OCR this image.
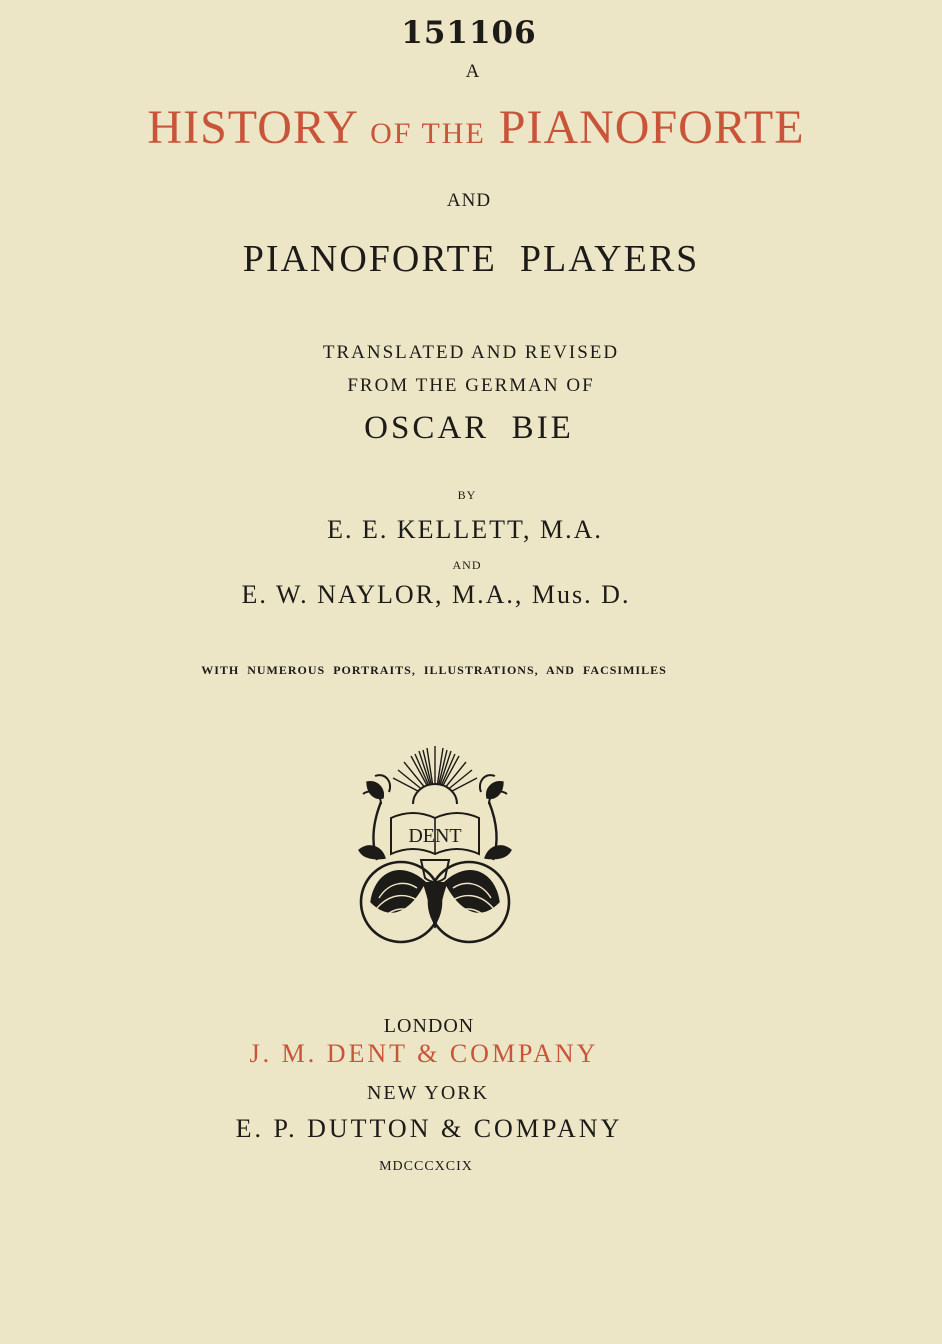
151106
A
HISTORY OF THE PIANOFORTE
AND
PIANOFORTE  PLAYERS
TRANSLATED AND REVISED
FROM THE GERMAN OF
OSCAR  BIE
BY
E. E. KELLETT, M.A.
AND
E. W. NAYLOR, M.A., Mus. D.
WITH NUMEROUS PORTRAITS, ILLUSTRATIONS, AND FACSIMILES
DENT
LONDON
J. M. DENT & COMPANY
NEW YORK
E. P. DUTTON & COMPANY
MDCCCXCIX
